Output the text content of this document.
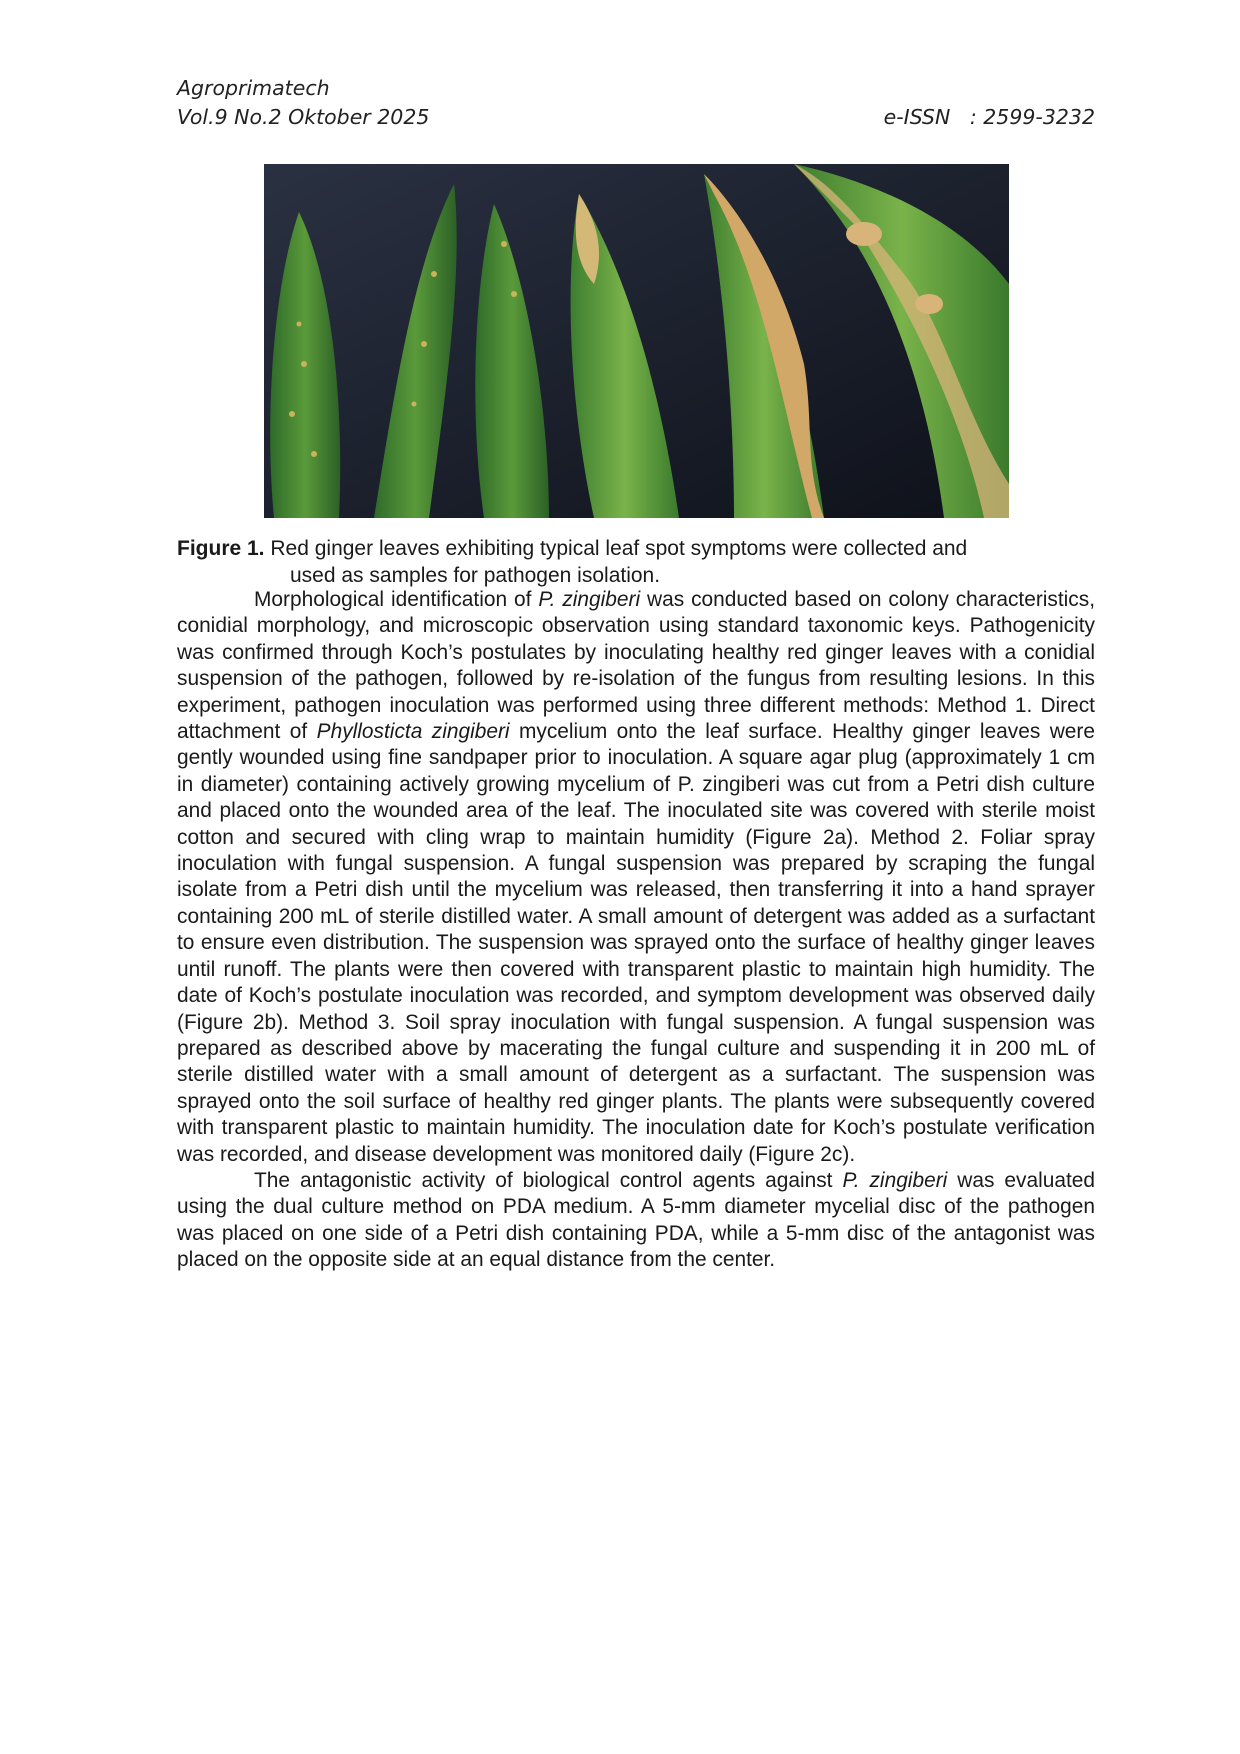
Agroprimatech
Vol.9 No.2 Oktober 2025	e-ISSN   : 2599-3232
Figure 1. Red ginger leaves exhibiting typical leaf spot symptoms were collected and
used as samples for pathogen isolation.

Morphological identification of P. zingiberi was conducted based on colony characteristics, conidial morphology, and microscopic observation using standard taxonomic keys. Pathogenicity was confirmed through Koch’s postulates by inoculating healthy red ginger leaves with a conidial suspension of the pathogen, followed by re-isolation of the fungus from resulting lesions. In this experiment, pathogen inoculation was performed using three different methods: Method 1. Direct attachment of Phyllosticta zingiberi mycelium onto the leaf surface. Healthy ginger leaves were gently wounded using fine sandpaper prior to inoculation. A square agar plug (approximately 1 cm in diameter) containing actively growing mycelium of P. zingiberi was cut from a Petri dish culture and placed onto the wounded area of the leaf. The inoculated site was covered with sterile moist cotton and secured with cling wrap to maintain humidity (Figure 2a). Method 2. Foliar spray inoculation with fungal suspension. A fungal suspension was prepared by scraping the fungal isolate from a Petri dish until the mycelium was released, then transferring it into a hand sprayer containing 200 mL of sterile distilled water. A small amount of detergent was added as a surfactant to ensure even distribution. The suspension was sprayed onto the surface of healthy ginger leaves until runoff. The plants were then covered with transparent plastic to maintain high humidity. The date of Koch’s postulate inoculation was recorded, and symptom development was observed daily (Figure 2b). Method 3. Soil spray inoculation with fungal suspension. A fungal suspension was prepared as described above by macerating the fungal culture and suspending it in 200 mL of sterile distilled water with a small amount of detergent as a surfactant. The suspension was sprayed onto the soil surface of healthy red ginger plants. The plants were subsequently covered with transparent plastic to maintain humidity. The inoculation date for Koch’s postulate verification was recorded, and disease development was monitored daily (Figure 2c).

The antagonistic activity of biological control agents against P. zingiberi was evaluated using the dual culture method on PDA medium. A 5-mm diameter mycelial disc of the pathogen was placed on one side of a Petri dish containing PDA, while a 5-mm disc of the antagonist was placed on the opposite side at an equal distance from the center.
